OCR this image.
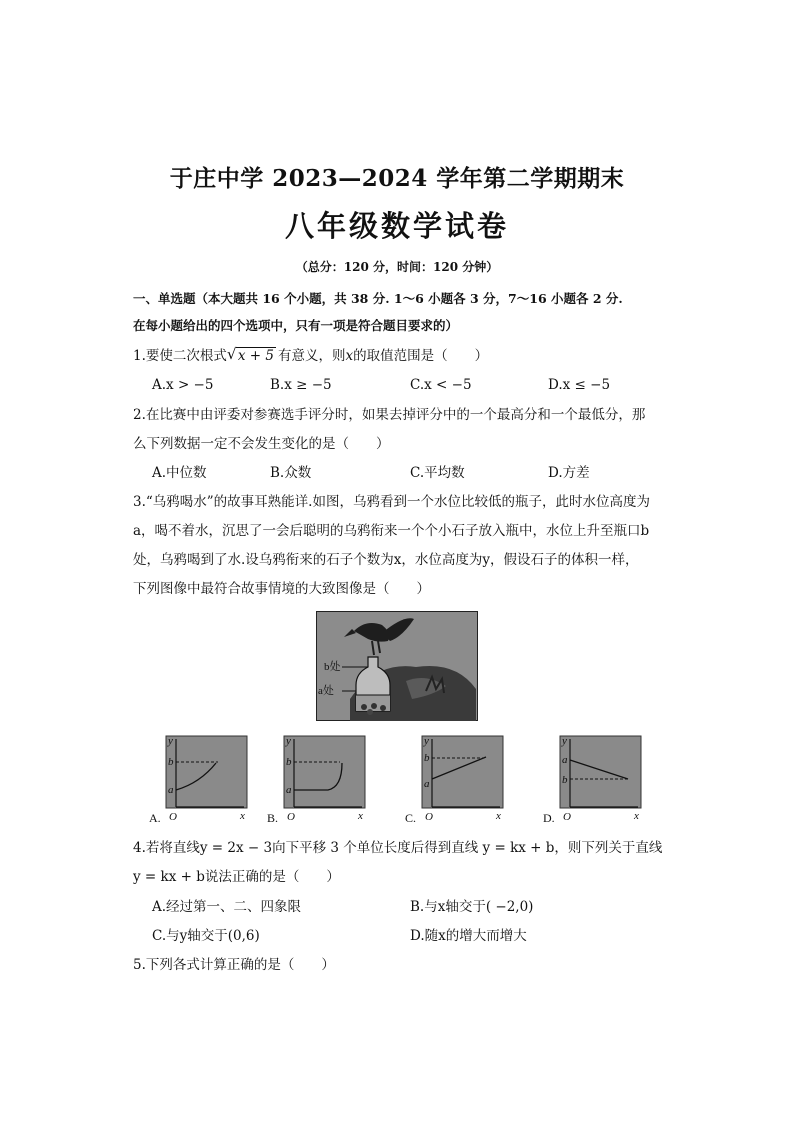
于庄中学 2023—2024 学年第二学期期末
八年级数学试卷
（总分：120 分，时间：120 分钟）
一、单选题（本大题共 16 个小题，共 38 分. 1～6 小题各 3 分，7～16 小题各 2 分.
在每小题给出的四个选项中，只有一项是符合题目要求的）
1.要使二次根式 √ x + 5 有意义，则x的取值范围是（　　）
A.x > −5	B.x ≥ −5	C.x < −5	D.x ≤ −5
2.在比赛中由评委对参赛选手评分时，如果去掉评分中的一个最高分和一个最低分，那
么下列数据一定不会发生变化的是（　　）
A.中位数	B.众数	C.平均数	D.方差
3.“乌鸦喝水”的故事耳熟能详.如图，乌鸦看到一个水位比较低的瓶子，此时水位高度为
a，喝不着水，沉思了一会后聪明的乌鸦衔来一个个小石子放入瓶中，水位上升至瓶口b
处，乌鸦喝到了水.设乌鸦衔来的石子个数为x，水位高度为y，假设石子的体积一样，
下列图像中最符合故事情境的大致图像是（　　）
b处
a处
A.
y
x
O
b
a
B.
y
x
O
b
a
C.
y
x
O
b
a
D.
y
x
O
a
b
4.若将直线y = 2x − 3向下平移 3 个单位长度后得到直线 y = kx + b，则下列关于直线
y = kx + b说法正确的是（　　）
A.经过第一、二、四象限	B.与x轴交于( −2,0)
C.与y轴交于(0,6)	D.随x的增大而增大
5.下列各式计算正确的是（　　）
